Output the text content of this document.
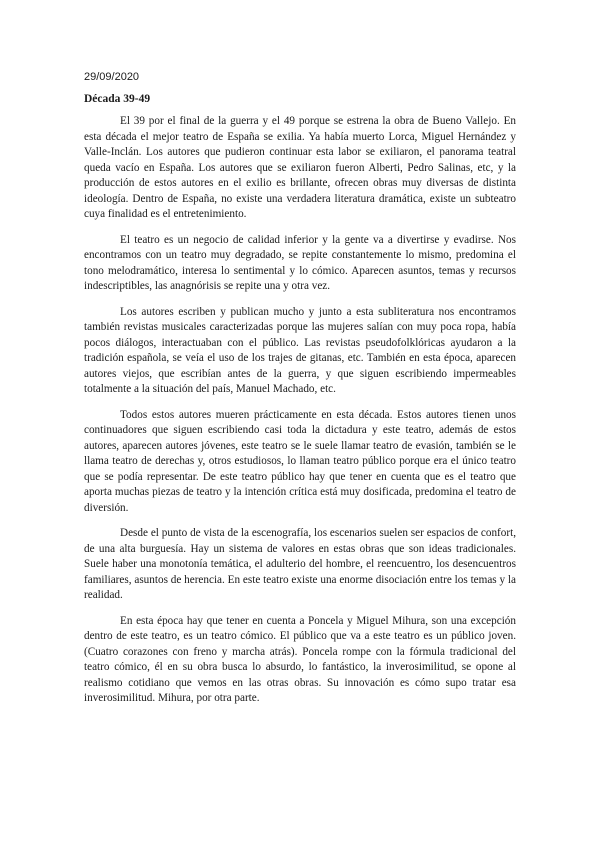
29/09/2020
Década 39-49

El 39 por el final de la guerra y el 49 porque se estrena la obra de Bueno Vallejo. En esta década el mejor teatro de España se exilia. Ya había muerto Lorca, Miguel Hernández y Valle-Inclán. Los autores que pudieron continuar esta labor se exiliaron, el panorama teatral queda vacío en España. Los autores que se exiliaron fueron Alberti, Pedro Salinas, etc, y la producción de estos autores en el exilio es brillante, ofrecen obras muy diversas de distinta ideología. Dentro de España, no existe una verdadera literatura dramática, existe un subteatro cuya finalidad es el entretenimiento.

El teatro es un negocio de calidad inferior y la gente va a divertirse y evadirse. Nos encontramos con un teatro muy degradado, se repite constantemente lo mismo, predomina el tono melodramático, interesa lo sentimental y lo cómico. Aparecen asuntos, temas y recursos indescriptibles, las anagnórisis se repite una y otra vez.

Los autores escriben y publican mucho y junto a esta subliteratura nos encontramos también revistas musicales caracterizadas porque las mujeres salían con muy poca ropa, había pocos diálogos, interactuaban con el público. Las revistas pseudofolklóricas ayudaron a la tradición española, se veía el uso de los trajes de gitanas, etc. También en esta época, aparecen autores viejos, que escribían antes de la guerra, y que siguen escribiendo impermeables totalmente a la situación del país, Manuel Machado, etc.

Todos estos autores mueren prácticamente en esta década. Estos autores tienen unos continuadores que siguen escribiendo casi toda la dictadura y este teatro, además de estos autores, aparecen autores jóvenes, este teatro se le suele llamar teatro de evasión, también se le llama teatro de derechas y, otros estudiosos, lo llaman teatro público porque era el único teatro que se podía representar. De este teatro público hay que tener en cuenta que es el teatro que aporta muchas piezas de teatro y la intención crítica está muy dosificada, predomina el teatro de diversión.

Desde el punto de vista de la escenografía, los escenarios suelen ser espacios de confort, de una alta burguesía. Hay un sistema de valores en estas obras que son ideas tradicionales. Suele haber una monotonía temática, el adulterio del hombre, el reencuentro, los desencuentros familiares, asuntos de herencia. En este teatro existe una enorme disociación entre los temas y la realidad.

En esta época hay que tener en cuenta a Poncela y Miguel Mihura, son una excepción dentro de este teatro, es un teatro cómico. El público que va a este teatro es un público joven. (Cuatro corazones con freno y marcha atrás). Poncela rompe con la fórmula tradicional del teatro cómico, él en su obra busca lo absurdo, lo fantástico, la inverosimilitud, se opone al realismo cotidiano que vemos en las otras obras. Su innovación es cómo supo tratar esa inverosimilitud. Mihura, por otra parte.
